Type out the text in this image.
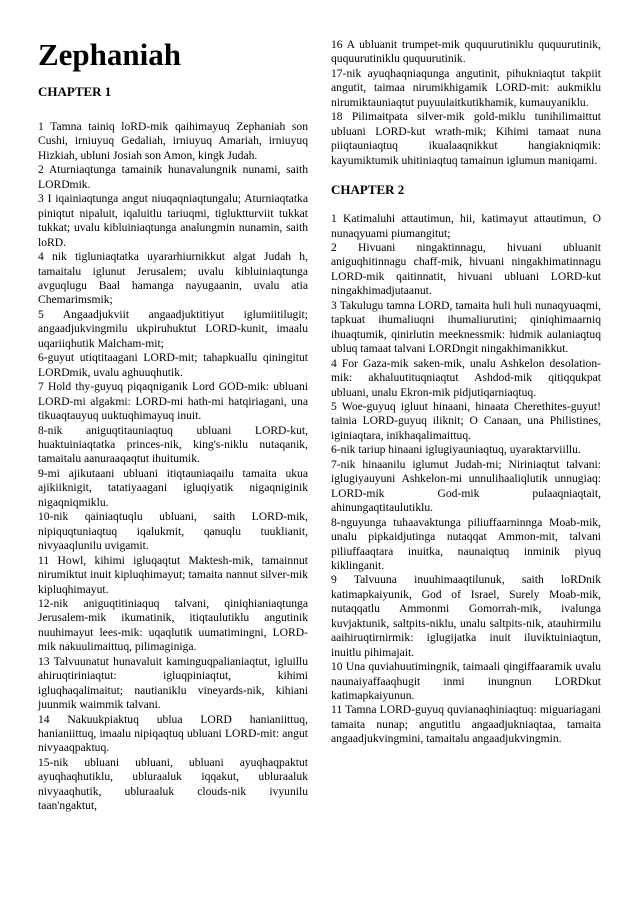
Zephaniah
CHAPTER 1

1 Tamna tainiq loRD-mik qaihimayuq Zephaniah son Cushi, irniuyuq Gedaliah, irniuyuq Amariah, irniuyuq Hizkiah, ubluni Josiah son Amon, kingk Judah.

2 Aturniaqtunga tamainik hunavalungnik nunami, saith LORDmik.

3 I iqainiaqtunga angut niuqaqniaqtungalu; Aturniaqtatka piniqtut nipaluit, iqaluitlu tariuqmi, tigluktturviit tukkat tukkat; uvalu kibluiniaqtunga analungmin nunamin, saith loRD.

4 nik tigluniaqtatka uyararhiurnikkut algat Judah h, tamaitalu iglunut Jerusalem; uvalu kibluiniaqtunga avguqlugu Baal hamanga nayugaanin, uvalu atia Chemarimsmik;

5 Angaadjukviit angaadjuktitiyut iglumiitilugit; angaadjukvingmilu ukpiruhuktut LORD-kunit, imaalu uqariiqhutik Malcham-mit;

6-guyut utiqtitaagani LORD-mit; tahapkuallu qiningitut LORDmik, uvalu aghuuqhutik.

7 Hold thy-guyuq piqaqniganik Lord GOD-mik: ubluani LORD-mi algakmi: LORD-mi hath-mi hatqiriagani, una tikuaqtauyuq uuktuqhimayuq inuit.

8-nik aniguqtitauniaqtuq ubluani LORD-kut, huaktuiniaqtatka princes-nik, king's-niklu nutaqanik, tamaitalu aanuraaqaqtut ihuitumik.

9-mi ajikutaani ubluani itiqtauniaqailu tamaita ukua ajikiiknigit, tatatiyaagani igluqiyatik nigaqniginik nigaqniqmiklu.

10-nik qainiaqtuqlu ubluani, saith LORD-mik, nipiquqtuniaqtuq iqalukmit, qanuqlu tuuklianit, nivyaaqlunilu uvigamit.

11 Howl, kihimi igluqaqtut Maktesh-mik, tamainnut nirumiktut inuit kipluqhimayut; tamaita nannut silver-mik kipluqhimayut.

12-nik aniguqtitiniaquq talvani, qiniqhianiaqtunga Jerusalem-mik ikumatinik, itiqtaulutiklu angutinik nuuhimayut lees-mik: uqaqlutik uumatimingni, LORD-mik nakuulimaittuq, pilimaginiga.

13 Talvuunatut hunavaluit kaminguqpalianiaqtut, igluillu ahiruqtiriniaqtut: igluqpiniaqtut, kihimi igluqhaqalimaitut; nautianiklu vineyards-nik, kihiani juunmik waimmik talvani.

14 Nakuukpiaktuq ublua LORD hanianiittuq, hanianiittuq, imaalu nipiqaqtuq ubluani LORD-mit: angut nivyaaqpaktuq.

15-nik ubluani ubluani, ubluani ayuqhaqpaktut ayuqhaqhutiklu, ubluraaluk iqqakut, ubluraaluk nivyaaqhutik, ubluraaluk clouds-nik ivyunilu taan'ngaktut,

16 A ubluanit trumpet-mik ququurutiniklu ququurutinik, ququurutiniklu ququurutinik.

17-nik ayuqhaqniaqunga angutinit, pihukniaqtut takpiit angutit, taimaa nirumikhigamik LORD-mit: aukmiklu nirumiktauniaqtut puyuulaitkutikhamik, kumauyaniklu.

18 Pilimaitpata silver-mik gold-miklu tunihilimaittut ubluani LORD-kut wrath-mik; Kihimi tamaat nuna piiqtauniaqtuq ikualaaqnikkut hangiakniqmik: kayumiktumik uhitiniaqtuq tamainun iglumun maniqami.

CHAPTER 2

1 Katimaluhi attautimun, hii, katimayut attautimun, O nunaqyuami piumangitut;

2 Hivuani ningaktinnagu, hivuani ubluanit aniguqhitinnagu chaff-mik, hivuani ningakhimatinnagu LORD-mik qaitinnatit, hivuani ubluani LORD-kut ningakhimadjutaanut.

3 Takulugu tamna LORD, tamaita huli huli nunaqyuaqmi, tapkuat ihumaliuqni ihumaliurutini; qiniqhimaarniq ihuaqtumik, qinirlutin meeknessmik: hidmik aulaniaqtuq ubluq tamaat talvani LORDngit ningakhimanikkut.

4 For Gaza-mik saken-mik, unalu Ashkelon desolation-mik: akhaluutituqniaqtut Ashdod-mik qitiqqukpat ubluani, unalu Ekron-mik pidjutiqarniaqtuq.

5 Woe-guyuq igluut hinaani, hinaata Cherethites-guyut! tainia LORD-guyuq iliknit; O Canaan, una Philistines, iginiaqtara, inikhaqalimaittuq.

6-nik tariup hinaani iglugiyauniaqtuq, uyaraktarviillu.

7-nik hinaanilu iglumut Judah-mi; Niriniaqtut talvani: iglugiyauyuni Ashkelon-mi unnulihaaliqlutik unnugiaq: LORD-mik God-mik pulaaqniaqtait, ahinungaqtitaulutiklu.

8-nguyunga tuhaavaktunga piliuffaarninnga Moab-mik, unalu pipkaidjutinga nutaqqat Ammon-mit, talvani piliuffaaqtara inuitka, naunaiqtuq inminik piyuq kiklinganit.

9 Talvuuna inuuhimaaqtilunuk, saith loRDnik katimapkaiyunik, God of Israel, Surely Moab-mik, nutaqqatlu Ammonmi Gomorrah-mik, ivalunga kuvjaktunik, saltpits-niklu, unalu saltpits-nik, atauhirmilu aaihiruqtirnirmik: iglugijatka inuit iluviktuiniaqtun, inuitlu pihimajait.

10 Una quviahuutimingnik, taimaali qingiffaaramik uvalu naunaiyaffaaqhugit inmi inungnun LORDkut katimapkaiyunun.

11 Tamna LORD-guyuq quvianaqhiniaqtuq: miguariagani tamaita nunap; angutitlu angaadjukniaqtaa, tamaita angaadjukvingmini, tamaitalu angaadjukvingmin.
